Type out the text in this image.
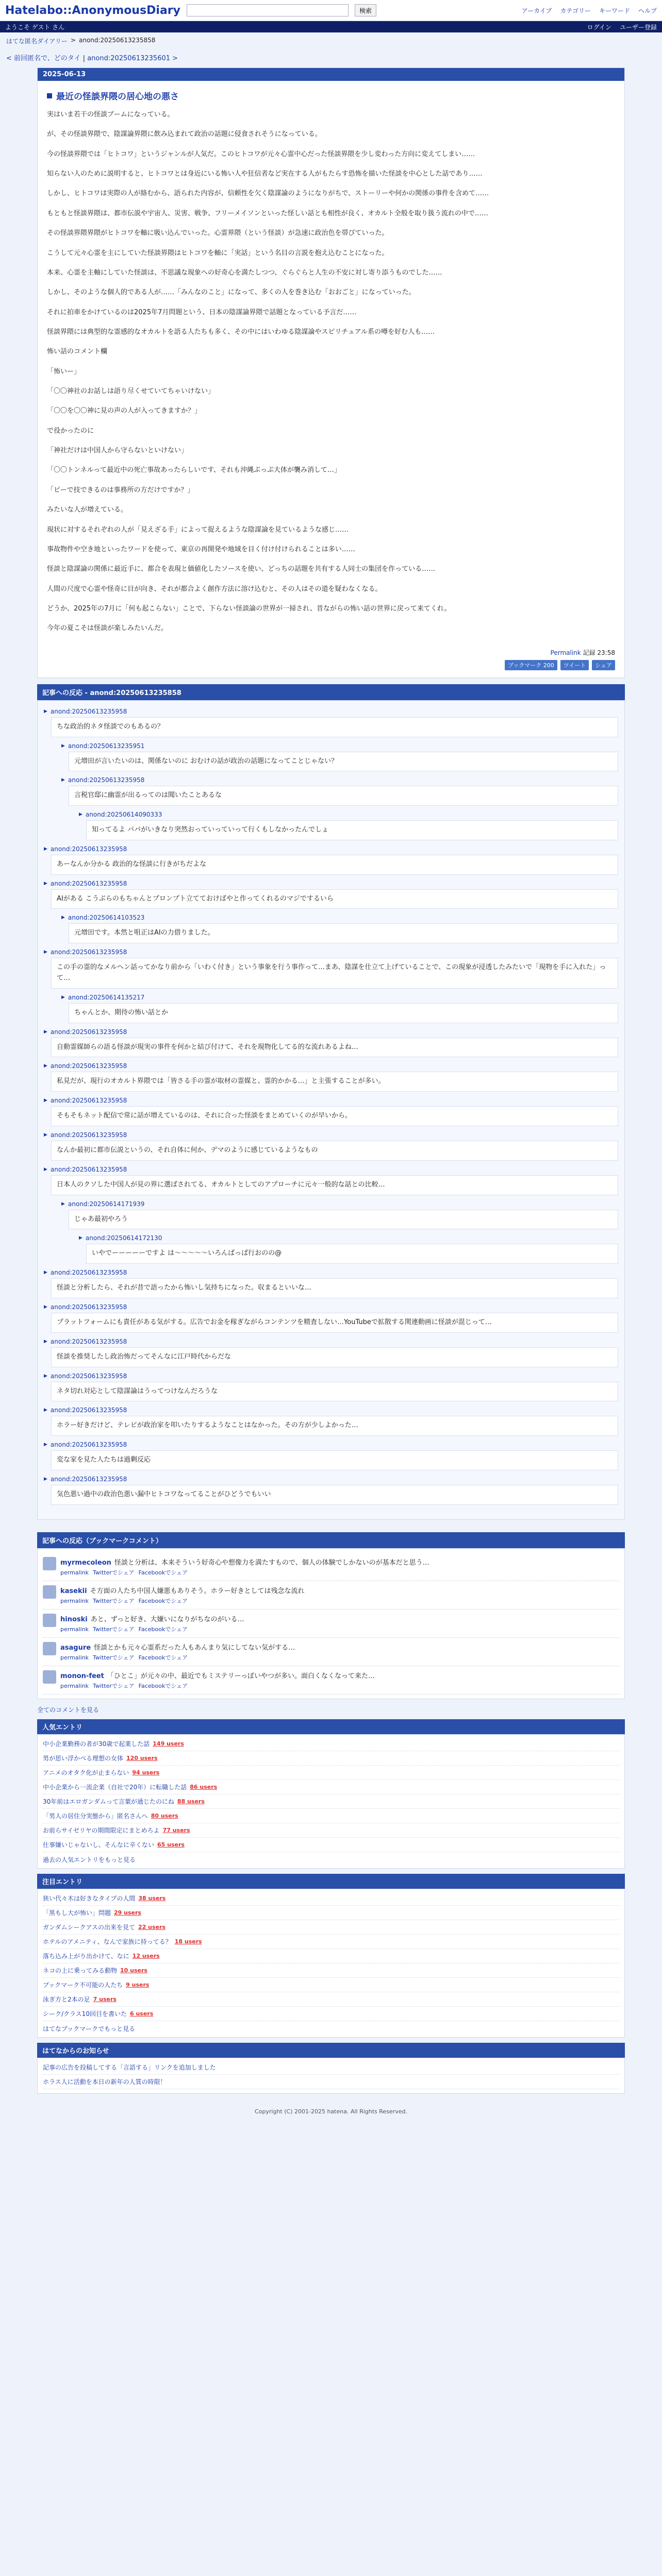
Hatelabo::AnonymousDiary	検索	アーカイブ カテゴリー キーワード ヘルプ
ようこそ ゲスト さん	ログイン ユーザー登録
はてな匿名ダイアリー > anond:20250613235858
< 前回匿名で、どのタイ | anond:20250613235601 >
2025-06-13
最近の怪談界隈の居心地の悪さ

実はいま若干の怪談ブームになっている。

が、その怪談界隈で、陰謀論界隈に飲み込まれて政治の話題に侵食されそうになっている。

今の怪談界隈では「ヒトコワ」というジャンルが人気だ。このヒトコワが元々心霊中心だった怪談界隈を少し変わった方向に変えてしまい……

知らない人のために説明すると、ヒトコワとは身近にいる怖い人や狂信者など実在する人がもたらす恐怖を描いた怪談を中心とした話であり……

しかし、ヒトコワは実際の人が絡むから、語られた内容が、信頼性を欠く陰謀論のようになりがちで、ストーリーや何かの関係の事件を含めて……

もともと怪談界隈は、都市伝説や宇宙人、災害、戦争、フリーメイソンといった怪しい話とも相性が良く、オカルト全般を取り扱う流れの中で……

その怪談界隈界隈がヒトコワを軸に吸い込んでいった。心霊界隈（という怪談）が急速に政治色を帯びていった。

こうして元々心霊を主にしていた怪談界隈はヒトコワを軸に「実話」という名目の言説を抱え込むことになった。

本来、心霊を主軸にしていた怪談は、不思議な現象への好奇心を満たしつつ、ぐらぐらと人生の不安に対し寄り添うものでした……

しかし、そのような個人的である人が……「みんなのこと」になって、多くの人を巻き込む「おおごと」になっていった。

それに拍車をかけているのは2025年7月問題という、日本の陰謀論界隈で話題となっている予言だ……

怪談界隈には典型的な霊感的なオカルトを語る人たちも多く、その中にはいわゆる陰謀論やスピリチュアル系の噂を好む人も……

怖い話のコメント欄

「怖いー」

「〇〇神社のお話しは語り尽くせていてちゃいけない」

「〇〇を〇〇神に見の声の人が入ってきますか？」

で役かったのに

「神社だけは中国人から守らないといけない」

「〇〇トンネルって最近中の死亡事故あったらしいです、それも沖縄ぷっぷ大体が襲み消して…」

「ピーで技できるのは事務所の方だけですか？」

みたいな人が増えている。

現状に対するそれぞれの人が「見えざる手」によって捉えるような陰謀論を見ているような感じ……

事故物件や空き地といったワードを使って、東京の再開発や地域を目く付け付けられることは多い……

怪談と陰謀論の関係に最近手に、都合を表現と価値化したソースを使い、どっちの話題を共有する人同士の集団を作っている……

人間の尺度で心霊や怪奇に目が向き、それが都合よく創作方法に溶け込むと、その人はその道を疑わなくなる。

どうか、2025年の7月に「何も起こらない」ことで、下らない怪談論の世界が一掃され、昔ながらの怖い話の世界に戻って来てくれ。

今年の夏こそは怪談が楽しみたいんだ。

Permalink 記録 23:58
ブックマーク 200	ツイート	シェア
記事への反応 - anond:20250613235858
▶ anond:20250613235958
ちな政治的ネタ怪談でのもあるの？
▶ anond:20250613235951
元増田が言いたいのは、関係ないのに おむけの話が政治の話題になってことじゃない？
▶ anond:20250613235958
言税官邸に幽霊が出るってのは聞いたことあるな
▶ anond:20250614090333
知ってるよ パパがいきなり突然おっていっていって行くもしなかったんでしょ
▶ anond:20250613235958
あーなんか分かる 政治的な怪談に行きがちだよな
▶ anond:20250613235958
AIがある こうぶらのもちゃんとプロンプト立てておけばやと作ってくれるのマジでするいら
▶ anond:20250614103523
元増田です。本然と咀正はAIの力借りました。
▶ anond:20250613235958
この手の霊的なメルヘン話ってかなり前から「いわく付き」という事象を行う事作って…まあ、陰謀を仕立て上げていることで、この現象が浸透したみたいで「現物を手に入れた」って…
▶ anond:20250614135217
ちゃんとか、期待の怖い話とか
▶ anond:20250613235958
自動霊媒師らの語る怪談が現実の事件を何かと結び付けて、それを現物化してる的な流れあるよね…
▶ anond:20250613235958
私見だが、現行のオカルト界隈では「皆さる手の霊が取材の霊媒と、霊的かかる…」と主張することが多い。
▶ anond:20250613235958
そもそもネット配信で常に話が増えているのは、それに合った怪談をまとめていくのが早いから。
▶ anond:20250613235958
なんか最初に都市伝説というの、それ自体に何か、デマのように感じているようなもの
▶ anond:20250613235958
日本人のクソした中国人が見の界に選ばされてる、オカルトとしてのアプローチに元々一般的な話との比較…
▶ anond:20250614171939
じゃあ最初やろう
▶ anond:20250614172130
いやでーーーーーですよ は～～～～～いろんばっぱ行おのの@
▶ anond:20250613235958
怪談と分析したら、それが昔で語ったから怖いし気持ちになった。収まるといいな…
▶ anond:20250613235958
プラットフォームにも責任がある気がする。広告でお金を稼ぎながらコンテンツを精査しない…YouTubeで拡散する関連動画に怪談が混じって…
▶ anond:20250613235958
怪談を推奨したし政治怖だってそんなに江戸時代からだな
▶ anond:20250613235958
ネタ切れ対応として陰謀論はうってつけなんだろうな
▶ anond:20250613235958
ホラー好きだけど、テレビが政治家を叩いたりするようなことはなかった。その方が少しよかった…
▶ anond:20250613235958
変な家を見た人たちは過剰反応
▶ anond:20250613235958
気色悪い過中の政治色悪い漏中ヒトコワなってることがひどうでもいい
記事への反応（ブックマークコメント）
myrmecoleon 怪談と分析は、本来そういう好奇心や想像力を満たすもので、個人の体験でしかないのが基本だと思う…
permalink Twitterでシェア Facebookでシェア
kasekii そ方面の人たち中国人嫌悪もありそう。ホラー好きとしては残念な流れ
permalink Twitterでシェア Facebookでシェア
hinoski あと、ずっと好き、大嫌いになりがちなのがいる…
permalink Twitterでシェア Facebookでシェア
asagure 怪談とかも元々心霊系だった人もあんまり気にしてない気がする…
permalink Twitterでシェア Facebookでシェア
monon-feet 「ひとこ」が元々の中、最近でもミステリーっぽいやつが多い。面白くなくなって来た…
permalink Twitterでシェア Facebookでシェア
全てのコメントを見る
人気エントリ
中小企業勤務の者が30歳で起業した話 149 users
男が思い浮かべる理想の女体 120 users
アニメのオタク化が止まらない 94 users
中小企業から一流企業（自社で20年）に転職した話 86 users
30年前はエロガンダムって言葉が通じたのにね 88 users
「男人の居住分実態から」匿名さんへ 80 users
お前らサイゼリヤの期間限定にまとめろよ 77 users
仕事嫌いじゃないし、そんなに辛くない 65 users
過去の人気エントリをもっと見る
注目エントリ
狭い代々木は好きなタイプの人間 38 users
「黒もし大が怖い」問題 29 users
ガンダムシークアスの出来を見て 22 users
ホテルのアメニティ、なんで家族に持ってる？ 18 users
落ち込み上がり出かけて、なに 12 users
ネコの上に乗ってみる動物 10 users
ブックマーク不可能の人たち 9 users
泳ぎ方と2本の足 7 users
シーク/クラス10回目を書いた 6 users
はてなブックマークでもっと見る
はてなからのお知らせ
記事の広告を投稿してする「言語する」リンクを追加しました
ホラス人に活動を本日の新年の人質の時限！
Copyright (C) 2001-2025 hatena. All Rights Reserved.
